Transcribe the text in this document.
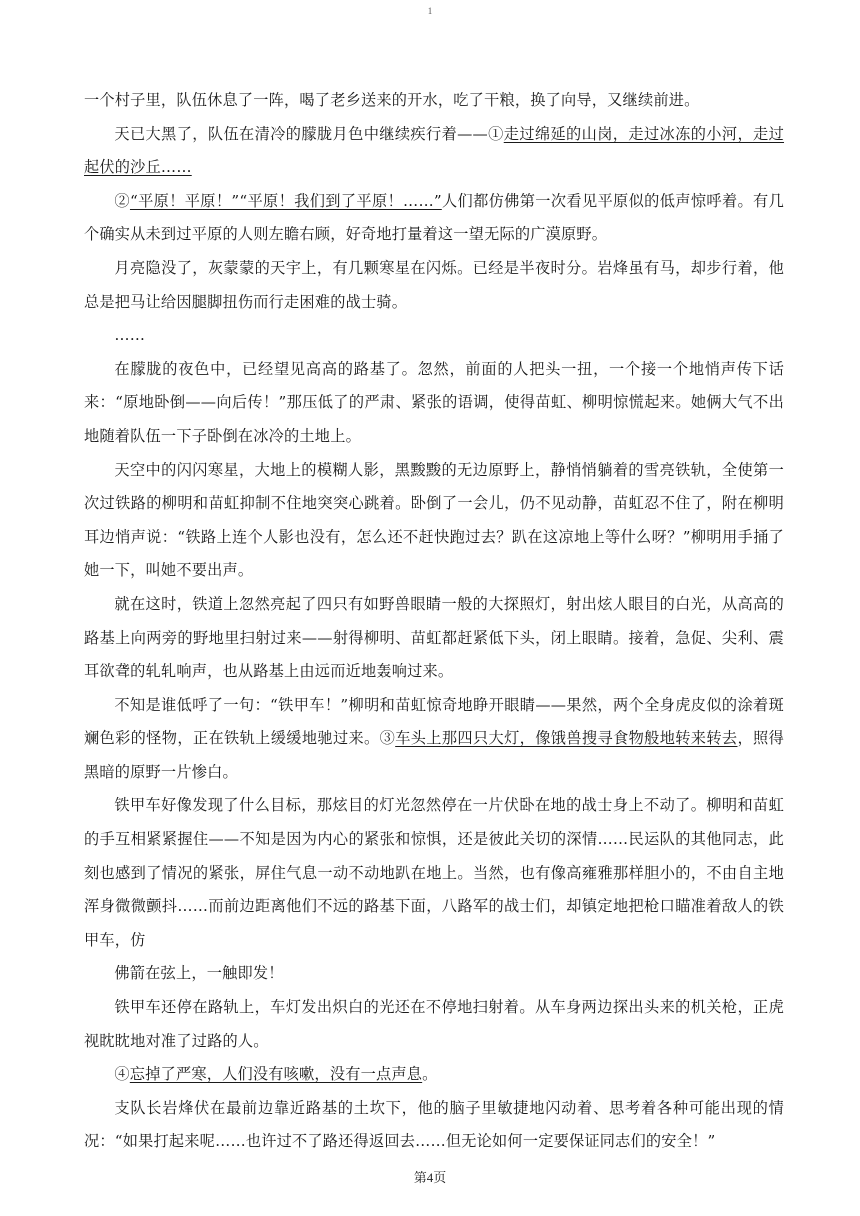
1

一个村子里，队伍休息了一阵，喝了老乡送来的开水，吃了干粮，换了向导，又继续前进。

天已大黑了，队伍在清冷的朦胧月色中继续疾行着——①走过绵延的山岗，走过冰冻的小河，走过起伏的沙丘……

②“平原！平原！”“平原！我们到了平原！……”人们都仿佛第一次看见平原似的低声惊呼着。有几个确实从未到过平原的人则左瞻右顾，好奇地打量着这一望无际的广漠原野。

月亮隐没了，灰蒙蒙的天宇上，有几颗寒星在闪烁。已经是半夜时分。岩烽虽有马，却步行着，他总是把马让给因腿脚扭伤而行走困难的战士骑。

……

在朦胧的夜色中，已经望见高高的路基了。忽然，前面的人把头一扭，一个接一个地悄声传下话来：“原地卧倒——向后传！”那压低了的严肃、紧张的语调，使得苗虹、柳明惊慌起来。她俩大气不出地随着队伍一下子卧倒在冰冷的土地上。

天空中的闪闪寒星，大地上的模糊人影，黑黢黢的无边原野上，静悄悄躺着的雪亮铁轨，全使第一次过铁路的柳明和苗虹抑制不住地突突心跳着。卧倒了一会儿，仍不见动静，苗虹忍不住了，附在柳明耳边悄声说：“铁路上连个人影也没有，怎么还不赶快跑过去？趴在这凉地上等什么呀？”柳明用手捅了她一下，叫她不要出声。

就在这时，铁道上忽然亮起了四只有如野兽眼睛一般的大探照灯，射出炫人眼目的白光，从高高的路基上向两旁的野地里扫射过来——射得柳明、苗虹都赶紧低下头，闭上眼睛。接着，急促、尖利、震耳欲聋的轧轧响声，也从路基上由远而近地轰响过来。

不知是谁低呼了一句：“铁甲车！”柳明和苗虹惊奇地睁开眼睛——果然，两个全身虎皮似的涂着斑斓色彩的怪物，正在铁轨上缓缓地驰过来。③车头上那四只大灯，像饿兽搜寻食物般地转来转去，照得黑暗的原野一片惨白。

铁甲车好像发现了什么目标，那炫目的灯光忽然停在一片伏卧在地的战士身上不动了。柳明和苗虹的手互相紧紧握住——不知是因为内心的紧张和惊惧，还是彼此关切的深情……民运队的其他同志，此刻也感到了情况的紧张，屏住气息一动不动地趴在地上。当然，也有像高雍雅那样胆小的，不由自主地浑身微微颤抖……而前边距离他们不远的路基下面，八路军的战士们，却镇定地把枪口瞄准着敌人的铁甲车，仿

佛箭在弦上，一触即发！

铁甲车还停在路轨上，车灯发出炽白的光还在不停地扫射着。从车身两边探出头来的机关枪，正虎视眈眈地对准了过路的人。

④忘掉了严寒，人们没有咳嗽，没有一点声息。

支队长岩烽伏在最前边靠近路基的土坎下，他的脑子里敏捷地闪动着、思考着各种可能出现的情况：“如果打起来呢……也许过不了路还得返回去……但无论如何一定要保证同志们的安全！”

第4页
